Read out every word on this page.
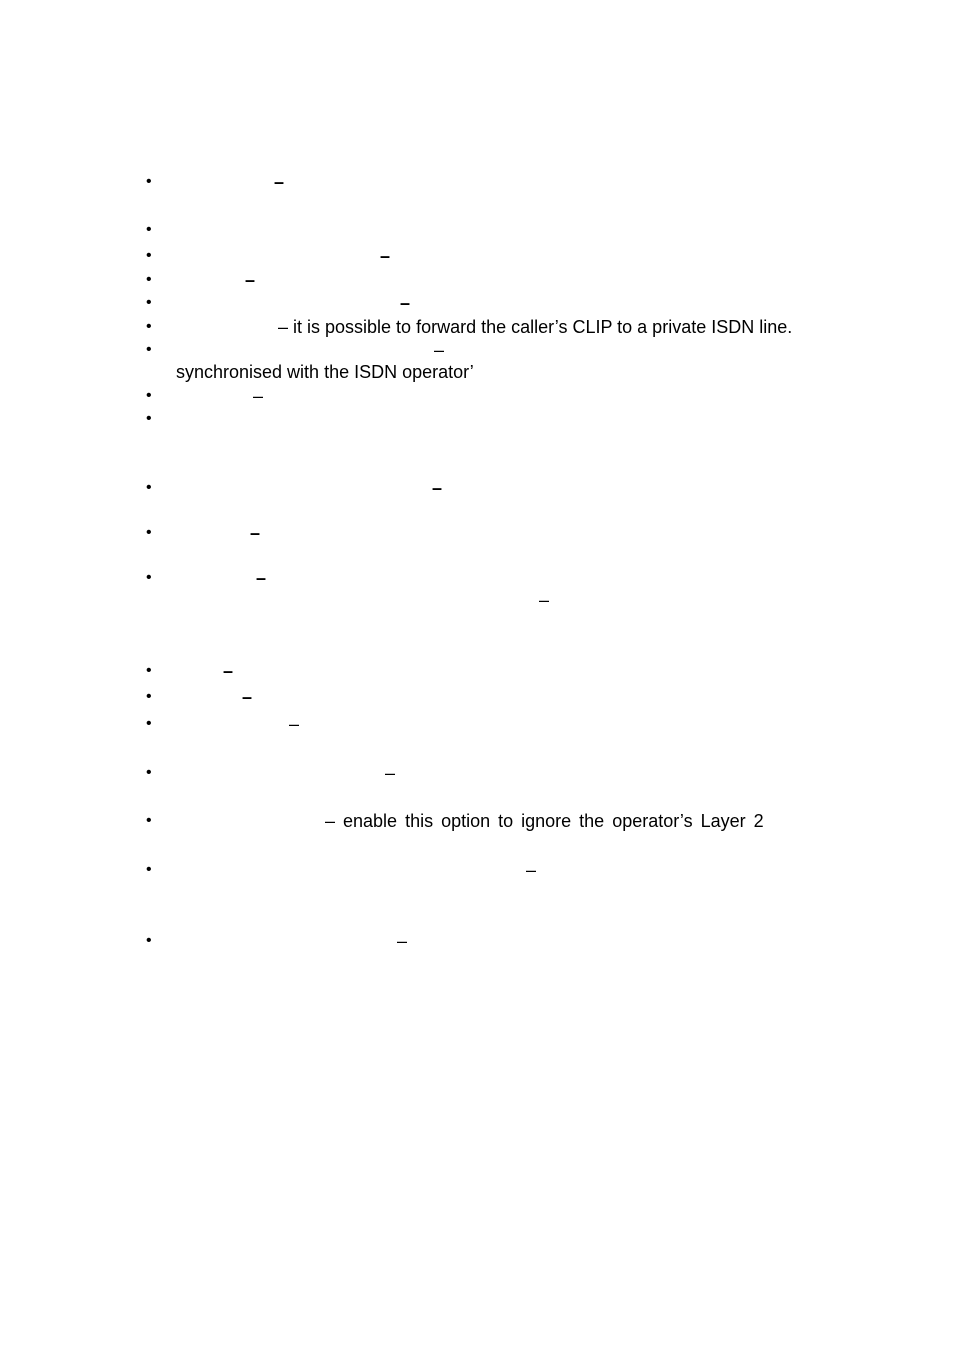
•	–
•
•	–
•	–
•	–
•	– it is possible to forward the caller’s CLIP to a private ISDN line.
•	–
synchronised with the ISDN operator’
•	–
•
•	–
•	–
•	–
–
•	–
•	–
•	–
•	–
•	– enable this option to ignore the operator’s Layer 2
•	–
•	–
